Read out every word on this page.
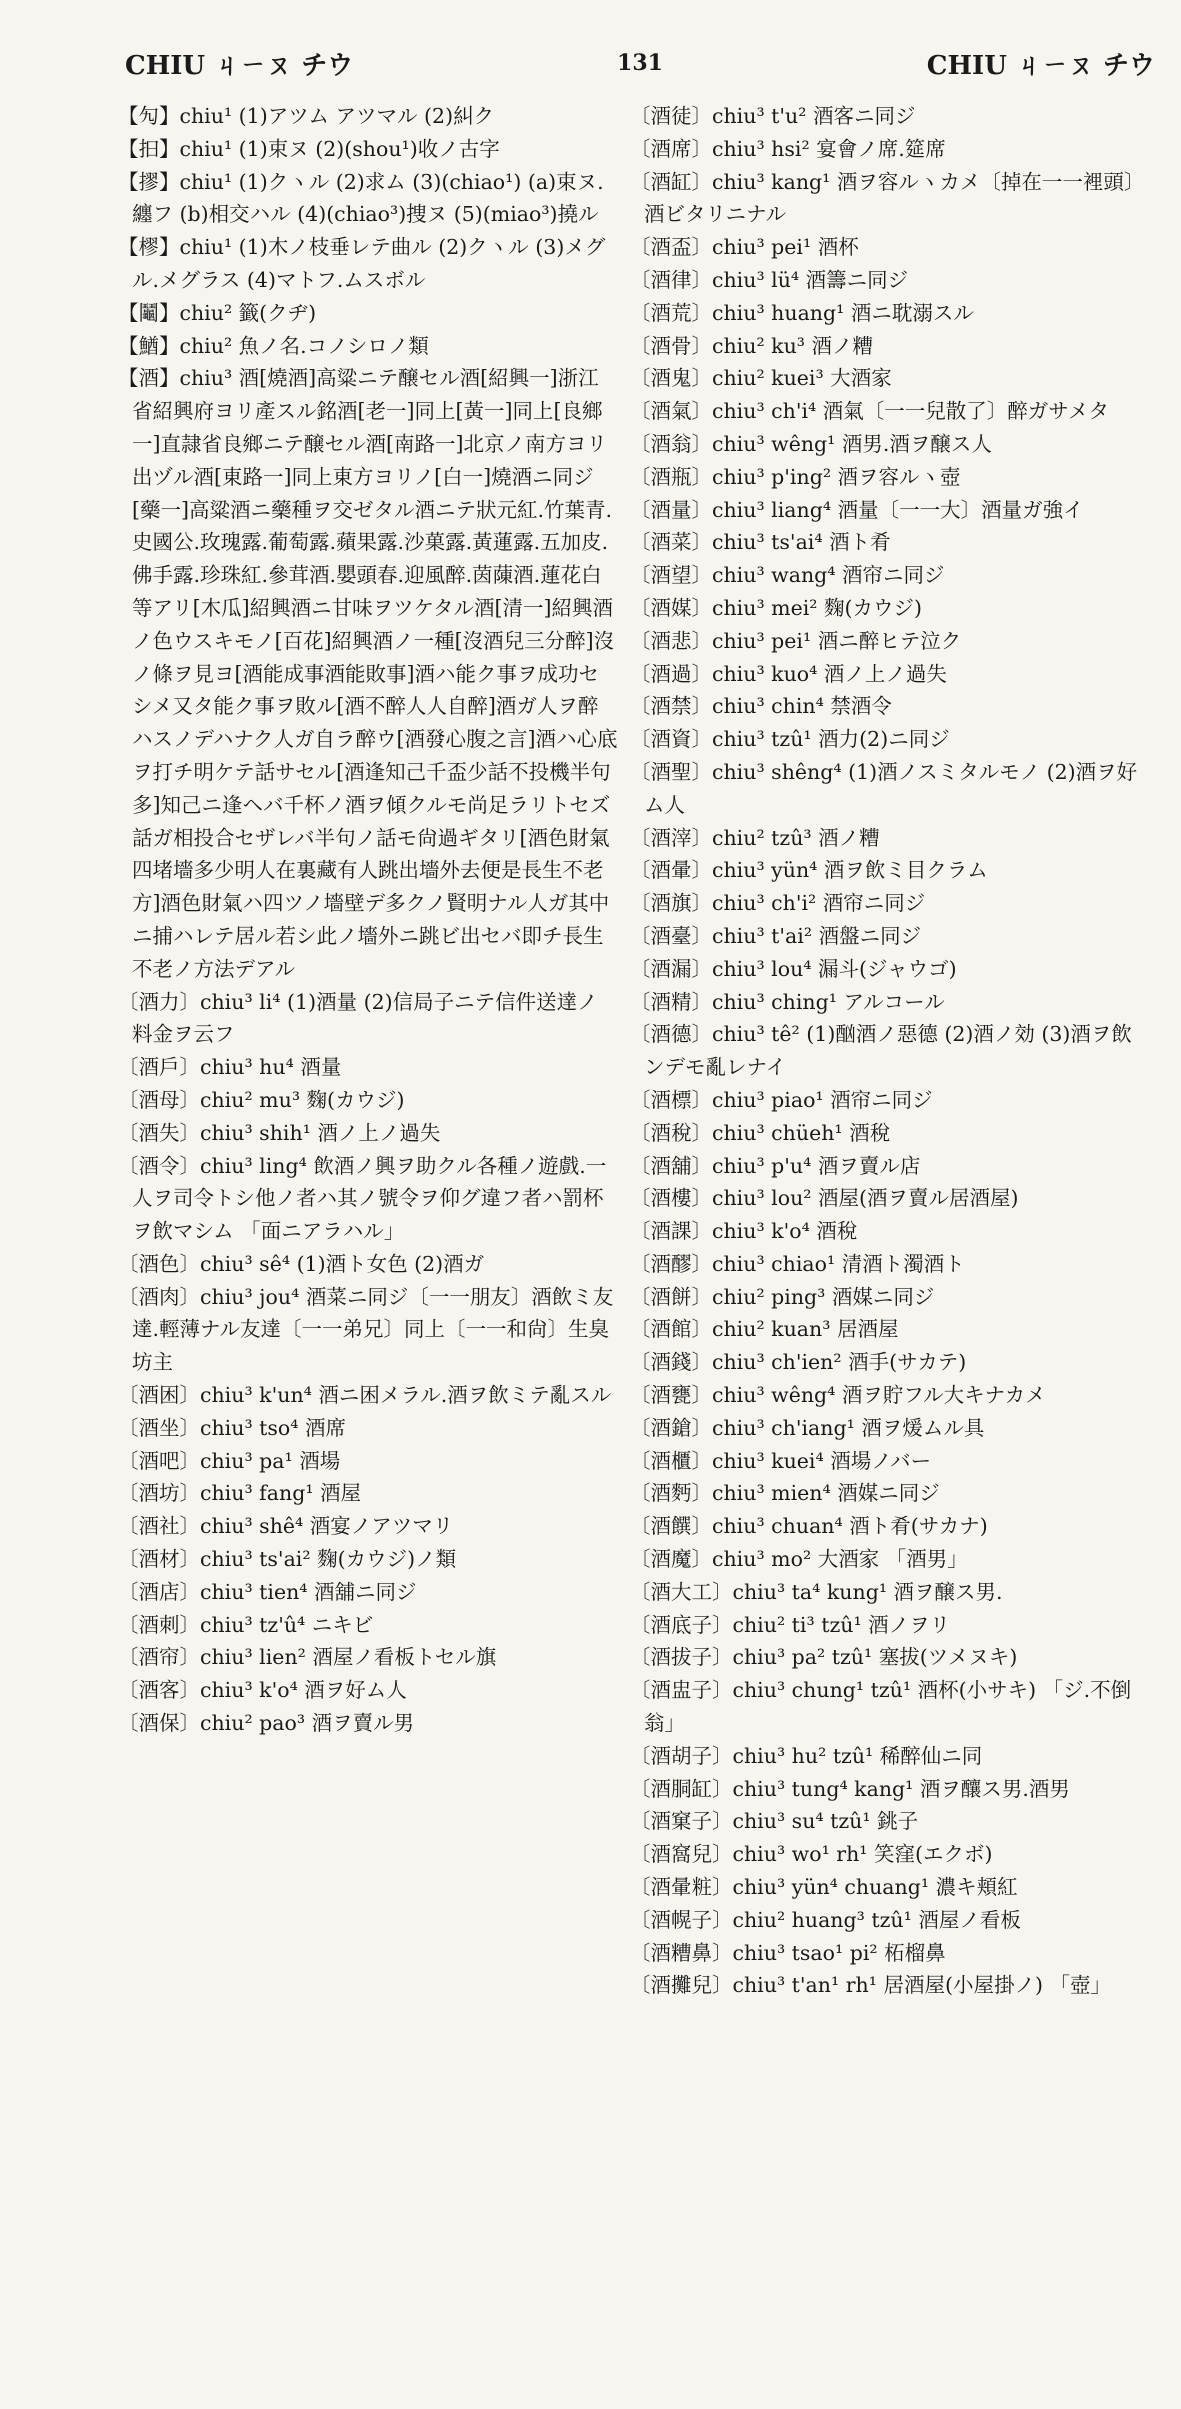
CHIU ㄐㄧㄡ チウ	131	CHIU ㄐㄧㄡ チウ

【勼】chiu¹ (1)アツム アツマル (2)糾ク

【抇】chiu¹ (1)束ヌ (2)(shou¹)收ノ古字

【摎】chiu¹ (1)クヽル (2)求ム (3)(chiao¹) (a)束ヌ.纏フ (b)相交ハル (4)(chiao³)捜ヌ (5)(miao³)撓ル

【樛】chiu¹ (1)木ノ枝垂レテ曲ル (2)クヽル (3)メグル.メグラス (4)マトフ.ムスボル

【鬮】chiu² 籤(クヂ)

【鰌】chiu² 魚ノ名.コノシロノ類

【酒】chiu³ 酒[燒酒]高粱ニテ醸セル酒[紹興一]浙江省紹興府ヨリ產スル銘酒[老一]同上[黃一]同上[良鄉一]直隷省良鄉ニテ醸セル酒[南路一]北京ノ南方ヨリ出ヅル酒[東路一]同上東方ヨリノ[白一]燒酒ニ同ジ[藥一]高粱酒ニ藥種ヲ交ゼタル酒ニテ狀元紅.竹葉青.史國公.玫瑰露.葡萄露.蘋果露.沙菓露.黃蓮露.五加皮.佛手露.珍珠紅.參茸酒.嬰頭春.迎風醉.茵蔯酒.蓮花白等アリ[木瓜]紹興酒ニ甘味ヲツケタル酒[清一]紹興酒ノ色ウスキモノ[百花]紹興酒ノ一種[沒酒兒三分醉]沒ノ條ヲ見ヨ[酒能成事酒能敗事]酒ハ能ク事ヲ成功セシメ又タ能ク事ヲ敗ル[酒不醉人人自醉]酒ガ人ヲ醉ハスノデハナク人ガ自ラ醉ウ[酒發心腹之言]酒ハ心底ヲ打チ明ケテ話サセル[酒逢知己千盃少話不投機半句多]知己ニ逢ヘバ千杯ノ酒ヲ傾クルモ尚足ラリトセズ話ガ相投合セザレバ半句ノ話モ尙過ギタリ[酒色財氣四堵墻多少明人在裏藏有人跳出墻外去便是長生不老方]酒色財氣ハ四ツノ墻壁デ多クノ賢明ナル人ガ其中ニ捕ハレテ居ル若シ此ノ墻外ニ跳ビ出セバ即チ長生不老ノ方法デアル

〔酒力〕chiu³ li⁴ (1)酒量 (2)信局子ニテ信件送達ノ料金ヲ云フ

〔酒戶〕chiu³ hu⁴ 酒量

〔酒母〕chiu² mu³ 麴(カウジ)

〔酒失〕chiu³ shih¹ 酒ノ上ノ過失

〔酒令〕chiu³ ling⁴ 飲酒ノ興ヲ助クル各種ノ遊戲.一人ヲ司令トシ他ノ者ハ其ノ號令ヲ仰グ違フ者ハ罰杯ヲ飲マシム 「面ニアラハル」

〔酒色〕chiu³ sê⁴ (1)酒ト女色 (2)酒ガ

〔酒肉〕chiu³ jou⁴ 酒菜ニ同ジ〔一一朋友〕酒飲ミ友達.輕薄ナル友達〔一一弟兄〕同上〔一一和尙〕生臭坊主

〔酒困〕chiu³ k'un⁴ 酒ニ困メラル.酒ヲ飲ミテ亂スル

〔酒坐〕chiu³ tso⁴ 酒席

〔酒吧〕chiu³ pa¹ 酒場

〔酒坊〕chiu³ fang¹ 酒屋

〔酒社〕chiu³ shê⁴ 酒宴ノアツマリ

〔酒材〕chiu³ ts'ai² 麴(カウジ)ノ類

〔酒店〕chiu³ tien⁴ 酒舖ニ同ジ

〔酒刺〕chiu³ tz'û⁴ ニキビ

〔酒帘〕chiu³ lien² 酒屋ノ看板トセル旗

〔酒客〕chiu³ k'o⁴ 酒ヲ好ム人

〔酒保〕chiu² pao³ 酒ヲ賣ル男

〔酒徒〕chiu³ t'u² 酒客ニ同ジ

〔酒席〕chiu³ hsi² 宴會ノ席.筵席

〔酒缸〕chiu³ kang¹ 酒ヲ容ルヽカメ〔掉在一一裡頭〕酒ビタリニナル

〔酒盃〕chiu³ pei¹ 酒杯

〔酒律〕chiu³ lü⁴ 酒籌ニ同ジ

〔酒荒〕chiu³ huang¹ 酒ニ耽溺スル

〔酒骨〕chiu² ku³ 酒ノ糟

〔酒鬼〕chiu² kuei³ 大酒家

〔酒氣〕chiu³ ch'i⁴ 酒氣〔一一兒散了〕醉ガサメタ

〔酒翁〕chiu³ wêng¹ 酒男.酒ヲ醸ス人

〔酒瓶〕chiu³ p'ing² 酒ヲ容ルヽ壺

〔酒量〕chiu³ liang⁴ 酒量〔一一大〕酒量ガ強イ

〔酒菜〕chiu³ ts'ai⁴ 酒ト肴

〔酒望〕chiu³ wang⁴ 酒帘ニ同ジ

〔酒媒〕chiu³ mei² 麴(カウジ)

〔酒悲〕chiu³ pei¹ 酒ニ醉ヒテ泣ク

〔酒過〕chiu³ kuo⁴ 酒ノ上ノ過失

〔酒禁〕chiu³ chin⁴ 禁酒令

〔酒資〕chiu³ tzû¹ 酒力(2)ニ同ジ

〔酒聖〕chiu³ shêng⁴ (1)酒ノスミタルモノ (2)酒ヲ好ム人

〔酒滓〕chiu² tzû³ 酒ノ糟

〔酒暈〕chiu³ yün⁴ 酒ヲ飲ミ目クラム

〔酒旗〕chiu³ ch'i² 酒帘ニ同ジ

〔酒臺〕chiu³ t'ai² 酒盤ニ同ジ

〔酒漏〕chiu³ lou⁴ 漏斗(ジャウゴ)

〔酒精〕chiu³ ching¹ アルコール

〔酒德〕chiu³ tê² (1)酗酒ノ惡德 (2)酒ノ効 (3)酒ヲ飲ンデモ亂レナイ

〔酒標〕chiu³ piao¹ 酒帘ニ同ジ

〔酒稅〕chiu³ chüeh¹ 酒稅

〔酒舖〕chiu³ p'u⁴ 酒ヲ賣ル店

〔酒樓〕chiu³ lou² 酒屋(酒ヲ賣ル居酒屋)

〔酒課〕chiu³ k'o⁴ 酒稅

〔酒醪〕chiu³ chiao¹ 清酒ト濁酒ト

〔酒餅〕chiu² ping³ 酒媒ニ同ジ

〔酒館〕chiu² kuan³ 居酒屋

〔酒錢〕chiu³ ch'ien² 酒手(サカテ)

〔酒甕〕chiu³ wêng⁴ 酒ヲ貯フル大キナカメ

〔酒鎗〕chiu³ ch'iang¹ 酒ヲ煖ムル具

〔酒櫃〕chiu³ kuei⁴ 酒場ノバー

〔酒麪〕chiu³ mien⁴ 酒媒ニ同ジ

〔酒饌〕chiu³ chuan⁴ 酒ト肴(サカナ)

〔酒魔〕chiu³ mo² 大酒家 「酒男」

〔酒大工〕chiu³ ta⁴ kung¹ 酒ヲ醸ス男.

〔酒底子〕chiu² ti³ tzû¹ 酒ノヲリ

〔酒拔子〕chiu³ pa² tzû¹ 塞拔(ツメヌキ)

〔酒盅子〕chiu³ chung¹ tzû¹ 酒杯(小サキ) 「ジ.不倒翁」

〔酒胡子〕chiu³ hu² tzû¹ 稀醉仙ニ同

〔酒胴缸〕chiu³ tung⁴ kang¹ 酒ヲ釀ス男.酒男

〔酒窠子〕chiu³ su⁴ tzû¹ 銚子

〔酒窩兒〕chiu³ wo¹ rh¹ 笑窪(エクボ)

〔酒暈粧〕chiu³ yün⁴ chuang¹ 濃キ頬紅

〔酒幌子〕chiu² huang³ tzû¹ 酒屋ノ看板

〔酒糟鼻〕chiu³ tsao¹ pi² 柘榴鼻

〔酒攤兒〕chiu³ t'an¹ rh¹ 居酒屋(小屋掛ノ) 「壺」
